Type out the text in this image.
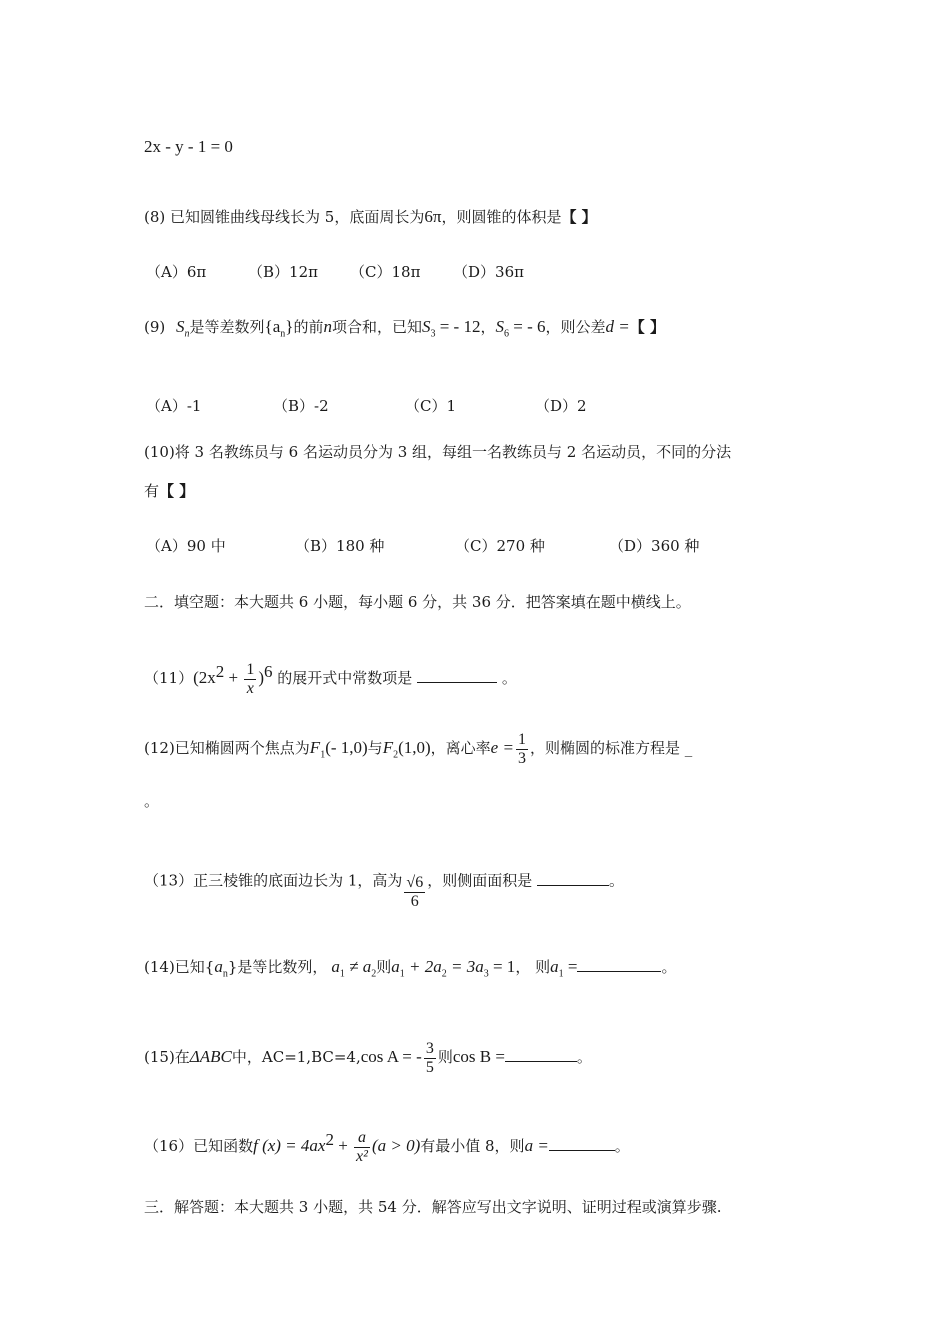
2x - y - 1 = 0
(8) 已知圆锥曲线母线长为 5，底面周长为6π，则圆锥的体积是【 】
（A）6π	（B）12π （C）18π （D）36π
(9) $S_n$是等差数列$\{a_n\}$的前n项合和，已知$S_3$ = - 12，$S_6$ = - 6，则公差d =【 】
（A）-1	（B）-2	（C）1	（D）2
(10)将 3 名教练员与 6 名运动员分为 3 组，每组一名教练员与 2 名运动员，不同的分法
有【 】
（A）90 中	（B）180 种	（C）270 种	（D）360 种
二．填空题：本大题共 6 小题，每小题 6 分，共 36 分．把答案填在题中横线上。
$(11)(2x^2 + \frac{1}{x} )^6$ 的展开式中常数项是	。
(12)已知椭圆两个焦点为$F_1(-$ 1,0)与$F_2(1,0)$，离心率$e = \frac{1}{3}$ ，则椭圆的标准方程是 _
。
（13）正三棱锥的底面边长为 1，高为 $\frac{√6}{6}$ ，则侧面面积是	。
(14)已知$\{a_n\}$是等比数列， $a_1 \ne a_2$则$a_1 + 2a_2 = 3a_3 = 1$， 则$a_1$ =	。
(15)在ΔABC中，AC=1,BC=4,cos A = - $\frac{3}{5}$ 则cos B =	。
（16）已知函数f $(x) = 4ax^2 + \frac{a}{\text{x²}} (a > 0)$有最小值 8，则a =	。
三．解答题：本大题共 3 小题，共 54 分．解答应写出文字说明、证明过程或演算步骤.
